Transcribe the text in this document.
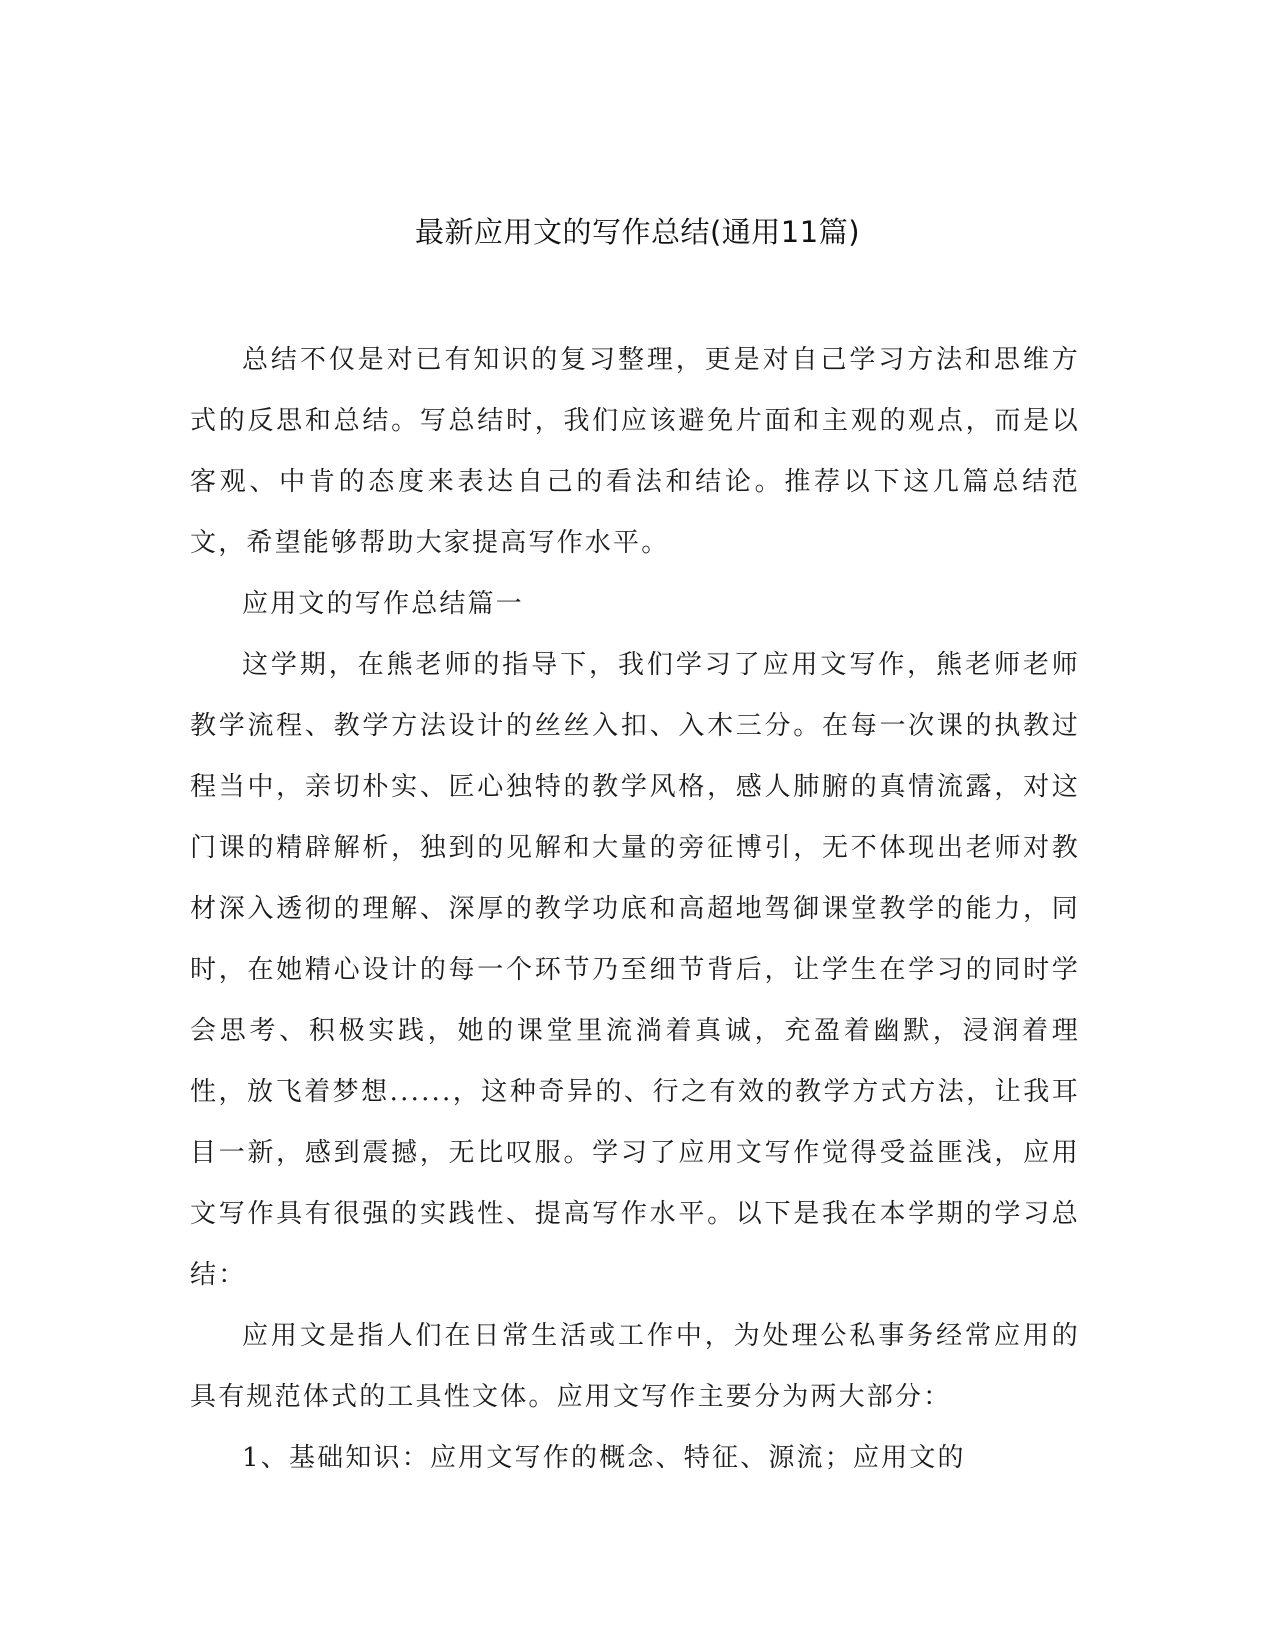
最新应用文的写作总结(通用11篇)

总结不仅是对已有知识的复习整理，更是对自己学习方法和思维方式的反思和总结。写总结时，我们应该避免片面和主观的观点，而是以客观、中肯的态度来表达自己的看法和结论。推荐以下这几篇总结范文，希望能够帮助大家提高写作水平。

应用文的写作总结篇一

这学期，在熊老师的指导下，我们学习了应用文写作，熊老师老师教学流程、教学方法设计的丝丝入扣、入木三分。在每一次课的执教过程当中，亲切朴实、匠心独特的教学风格，感人肺腑的真情流露，对这门课的精辟解析，独到的见解和大量的旁征博引，无不体现出老师对教材深入透彻的理解、深厚的教学功底和高超地驾御课堂教学的能力，同时，在她精心设计的每一个环节乃至细节背后，让学生在学习的同时学会思考、积极实践，她的课堂里流淌着真诚，充盈着幽默，浸润着理性，放飞着梦想......，这种奇异的、行之有效的教学方式方法，让我耳目一新，感到震撼，无比叹服。学习了应用文写作觉得受益匪浅，应用文写作具有很强的实践性、提高写作水平。以下是我在本学期的学习总结：

应用文是指人们在日常生活或工作中，为处理公私事务经常应用的具有规范体式的工具性文体。应用文写作主要分为两大部分：

1、基础知识：应用文写作的概念、特征、源流；应用文的
